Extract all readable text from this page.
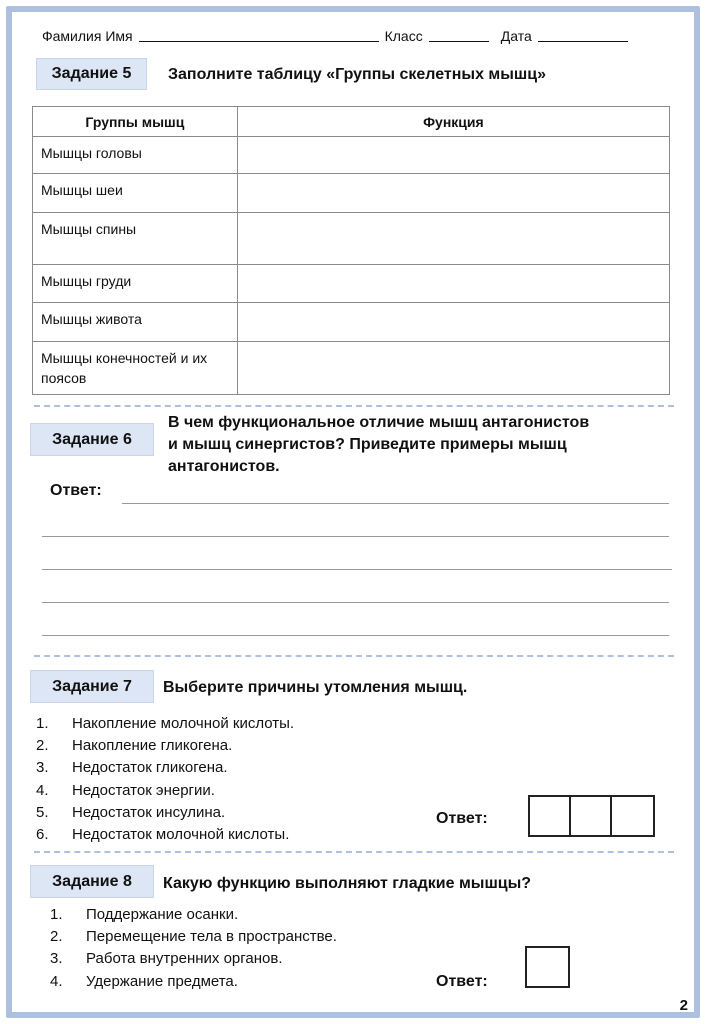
Фамилия Имя	Класс	Дата
Задание 5	Заполните таблицу «Группы скелетных мышц»
Группы мышц	Функция
Мышцы головы	
Мышцы шеи	
Мышцы спины	
Мышцы груди	
Мышцы живота	
Мышцы конечностей и их поясов	
Задание 6
В чем функциональное отличие мышц антагонистов
и мышц синергистов? Приведите примеры мышц
антагонистов.
Ответ:
Задание 7	Выберите причины утомления мышц.
1.	Накопление молочной кислоты.
2.	Накопление гликогена.
3.	Недостаток гликогена.
4.	Недостаток энергии.
5.	Недостаток инсулина.
6.	Недостаток молочной кислоты.
Ответ:
Задание 8	Какую функцию выполняют гладкие мышцы?
1.	Поддержание осанки.
2.	Перемещение тела в пространстве.
3.	Работа внутренних органов.
4.	Удержание предмета.	Ответ:
2
